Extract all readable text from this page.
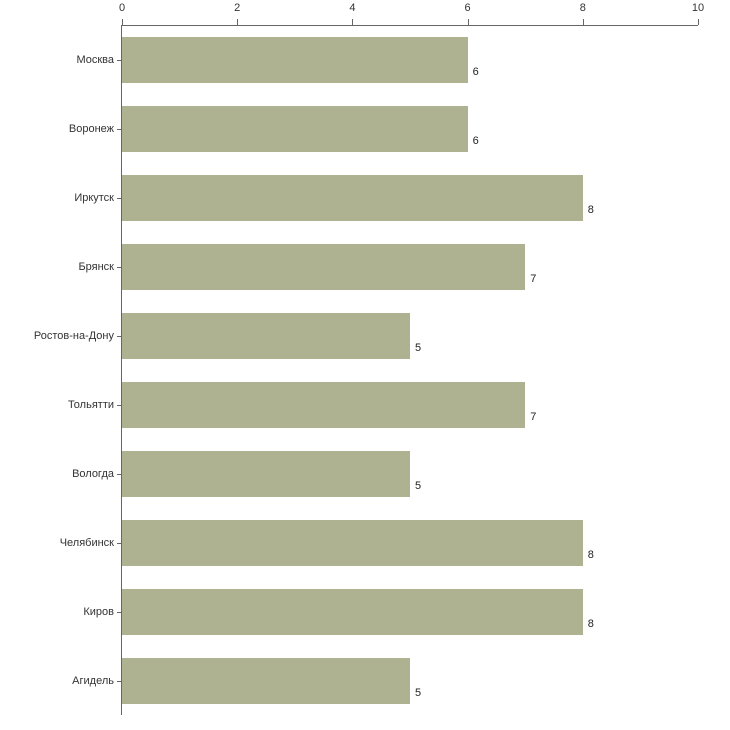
0	2	4	6	8	10
6
Москва
6
Воронеж
8
Иркутск
7
Брянск
5
Ростов-на-Дону
7
Тольятти
5
Вологда
8
Челябинск
8
Киров
5
Агидель
